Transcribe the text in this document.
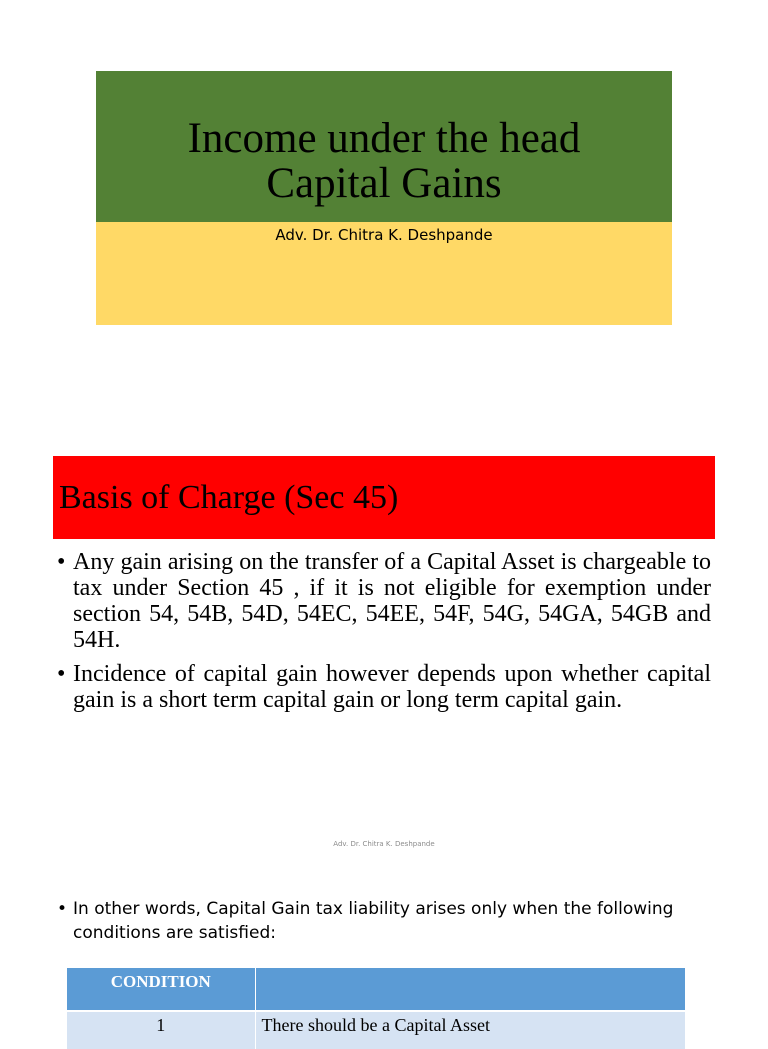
Income under the head
Capital Gains
Adv. Dr. Chitra K. Deshpande
Basis of Charge (Sec 45)
• Any gain arising on the transfer of a Capital Asset is chargeable to tax under Section 45 , if it is not eligible for exemption under section 54, 54B, 54D, 54EC, 54EE, 54F, 54G, 54GA, 54GB and 54H.
• Incidence of capital gain however depends upon whether capital gain is a short term capital gain or long term capital gain.
Adv. Dr. Chitra K. Deshpande
• In other words, Capital Gain tax liability arises only when the following conditions are satisfied:
CONDITION	
1	There should be a Capital Asset
